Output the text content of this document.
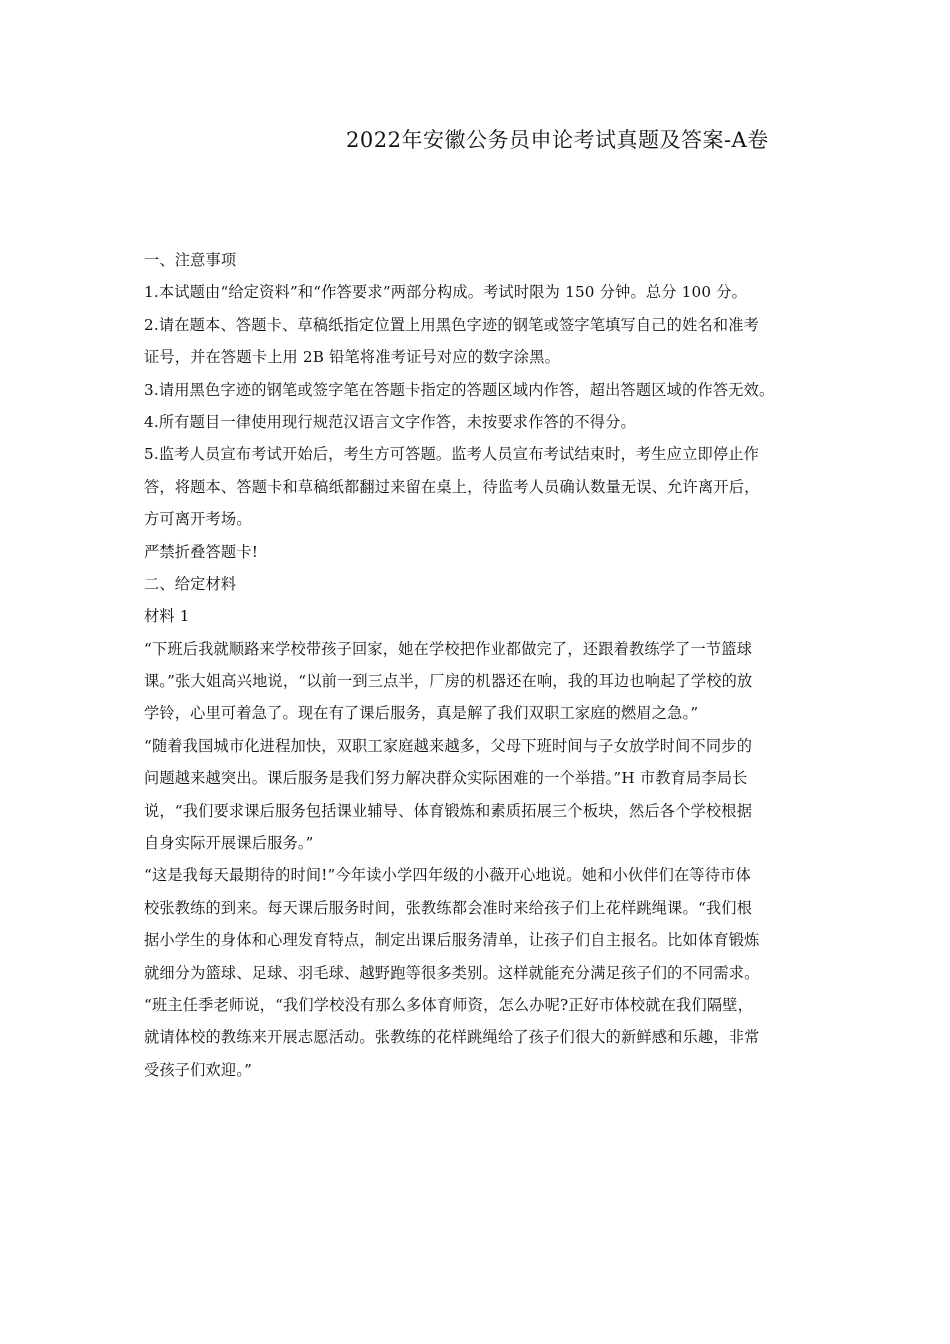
2022年安徽公务员申论考试真题及答案-A卷
一、注意事项
1.本试题由“给定资料”和“作答要求”两部分构成。考试时限为 150 分钟。总分 100 分。
2.请在题本、答题卡、草稿纸指定位置上用黑色字迹的钢笔或签字笔填写自己的姓名和准考
证号，并在答题卡上用 2B 铅笔将准考证号对应的数字涂黑。
3.请用黑色字迹的钢笔或签字笔在答题卡指定的答题区域内作答，超出答题区域的作答无效。
4.所有题目一律使用现行规范汉语言文字作答，未按要求作答的不得分。
5.监考人员宣布考试开始后，考生方可答题。监考人员宣布考试结束时，考生应立即停止作
答，将题本、答题卡和草稿纸都翻过来留在桌上，待监考人员确认数量无误、允许离开后，
方可离开考场。
严禁折叠答题卡!
二、给定材料
材料 1
“下班后我就顺路来学校带孩子回家，她在学校把作业都做完了，还跟着教练学了一节篮球
课。”张大姐高兴地说，“以前一到三点半，厂房的机器还在响，我的耳边也响起了学校的放
学铃，心里可着急了。现在有了课后服务，真是解了我们双职工家庭的燃眉之急。”
“随着我国城市化进程加快，双职工家庭越来越多，父母下班时间与子女放学时间不同步的
问题越来越突出。课后服务是我们努力解决群众实际困难的一个举措。”H 市教育局李局长
说，“我们要求课后服务包括课业辅导、体育锻炼和素质拓展三个板块，然后各个学校根据
自身实际开展课后服务。”
“这是我每天最期待的时间!”今年读小学四年级的小薇开心地说。她和小伙伴们在等待市体
校张教练的到来。每天课后服务时间，张教练都会准时来给孩子们上花样跳绳课。“我们根
据小学生的身体和心理发育特点，制定出课后服务清单，让孩子们自主报名。比如体育锻炼
就细分为篮球、足球、羽毛球、越野跑等很多类别。这样就能充分满足孩子们的不同需求。
“班主任季老师说，“我们学校没有那么多体育师资，怎么办呢?正好市体校就在我们隔壁，
就请体校的教练来开展志愿活动。张教练的花样跳绳给了孩子们很大的新鲜感和乐趣，非常
受孩子们欢迎。”
